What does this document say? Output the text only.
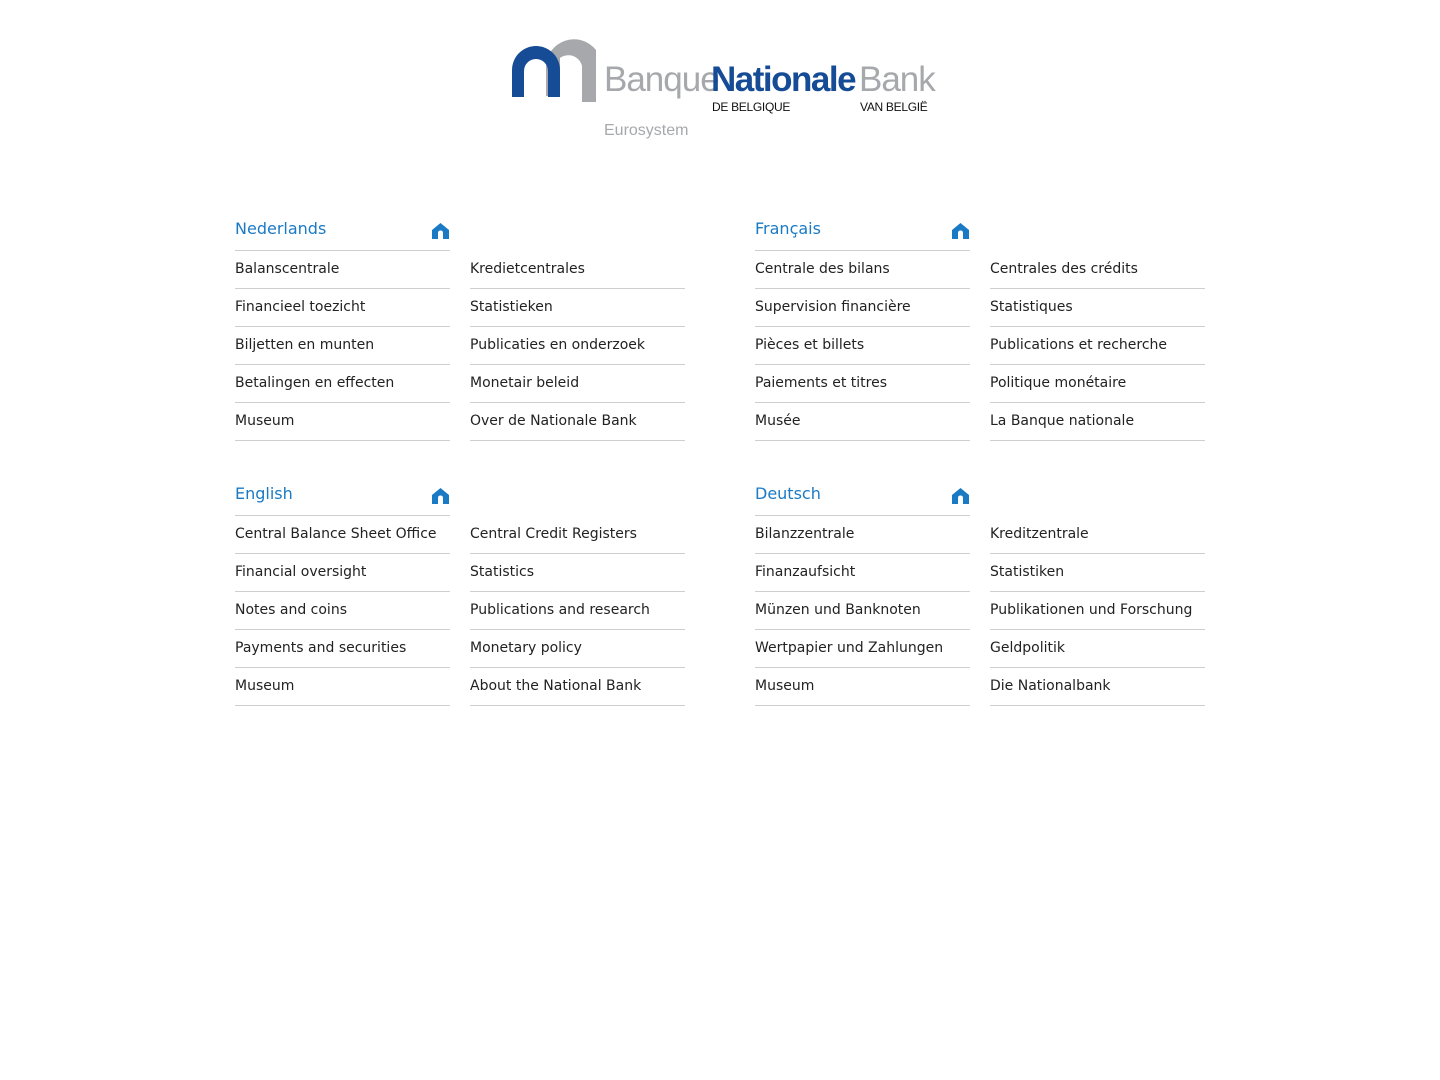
Banque
Nationale Bank
DE BELGIQUE	VAN BELGIË
Eurosystem
Nederlands
Balanscentrale
Financieel toezicht
Biljetten en munten
Betalingen en effecten
Museum
Kredietcentrales
Statistieken
Publicaties en onderzoek
Monetair beleid
Over de Nationale Bank
Français
Centrale des bilans
Supervision financière
Pièces et billets
Paiements et titres
Musée
Centrales des crédits
Statistiques
Publications et recherche
Politique monétaire
La Banque nationale
English
Central Balance Sheet Office
Financial oversight
Notes and coins
Payments and securities
Museum
Central Credit Registers
Statistics
Publications and research
Monetary policy
About the National Bank
Deutsch
Bilanzzentrale
Finanzaufsicht
Münzen und Banknoten
Wertpapier und Zahlungen
Museum
Kreditzentrale
Statistiken
Publikationen und Forschung
Geldpolitik
Die Nationalbank
